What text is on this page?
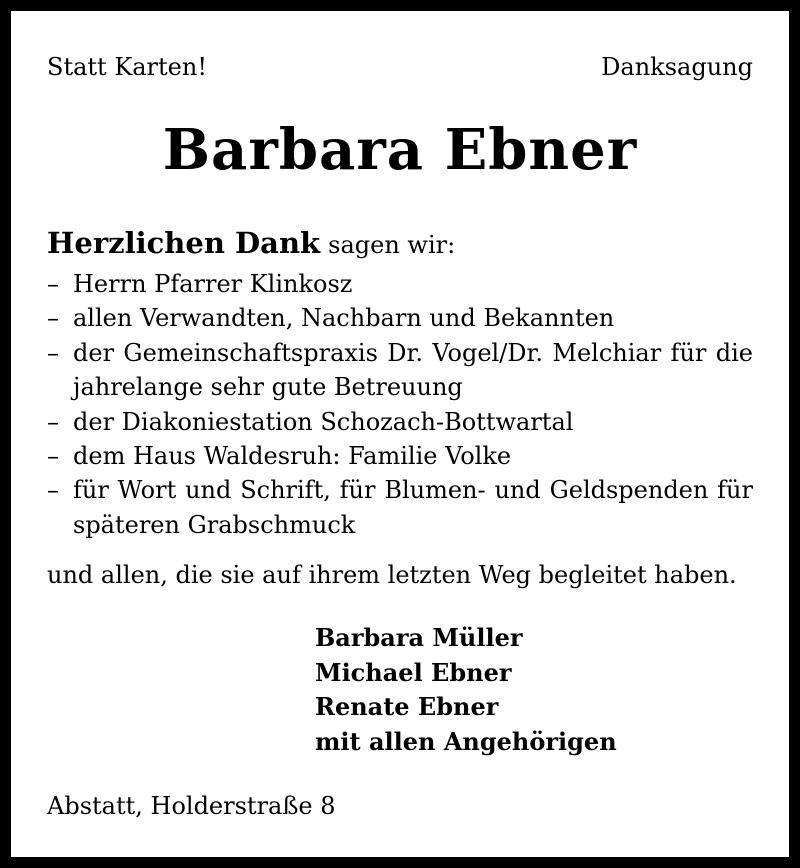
Statt Karten!	Danksagung
Barbara Ebner
Herzlichen Dank sagen wir:
– Herrn Pfarrer Klinkosz
– allen Verwandten, Nachbarn und Bekannten
– der Gemeinschaftspraxis Dr. Vogel/Dr. Melchiar für die jahrelange sehr gute Betreuung
– der Diakoniestation Schozach-Bottwartal
– dem Haus Waldesruh: Familie Volke
– für Wort und Schrift, für Blumen- und Geldspenden für späteren Grabschmuck
und allen, die sie auf ihrem letzten Weg begleitet haben.
Barbara Müller
Michael Ebner
Renate Ebner
mit allen Angehörigen
Abstatt, Holderstraße 8
